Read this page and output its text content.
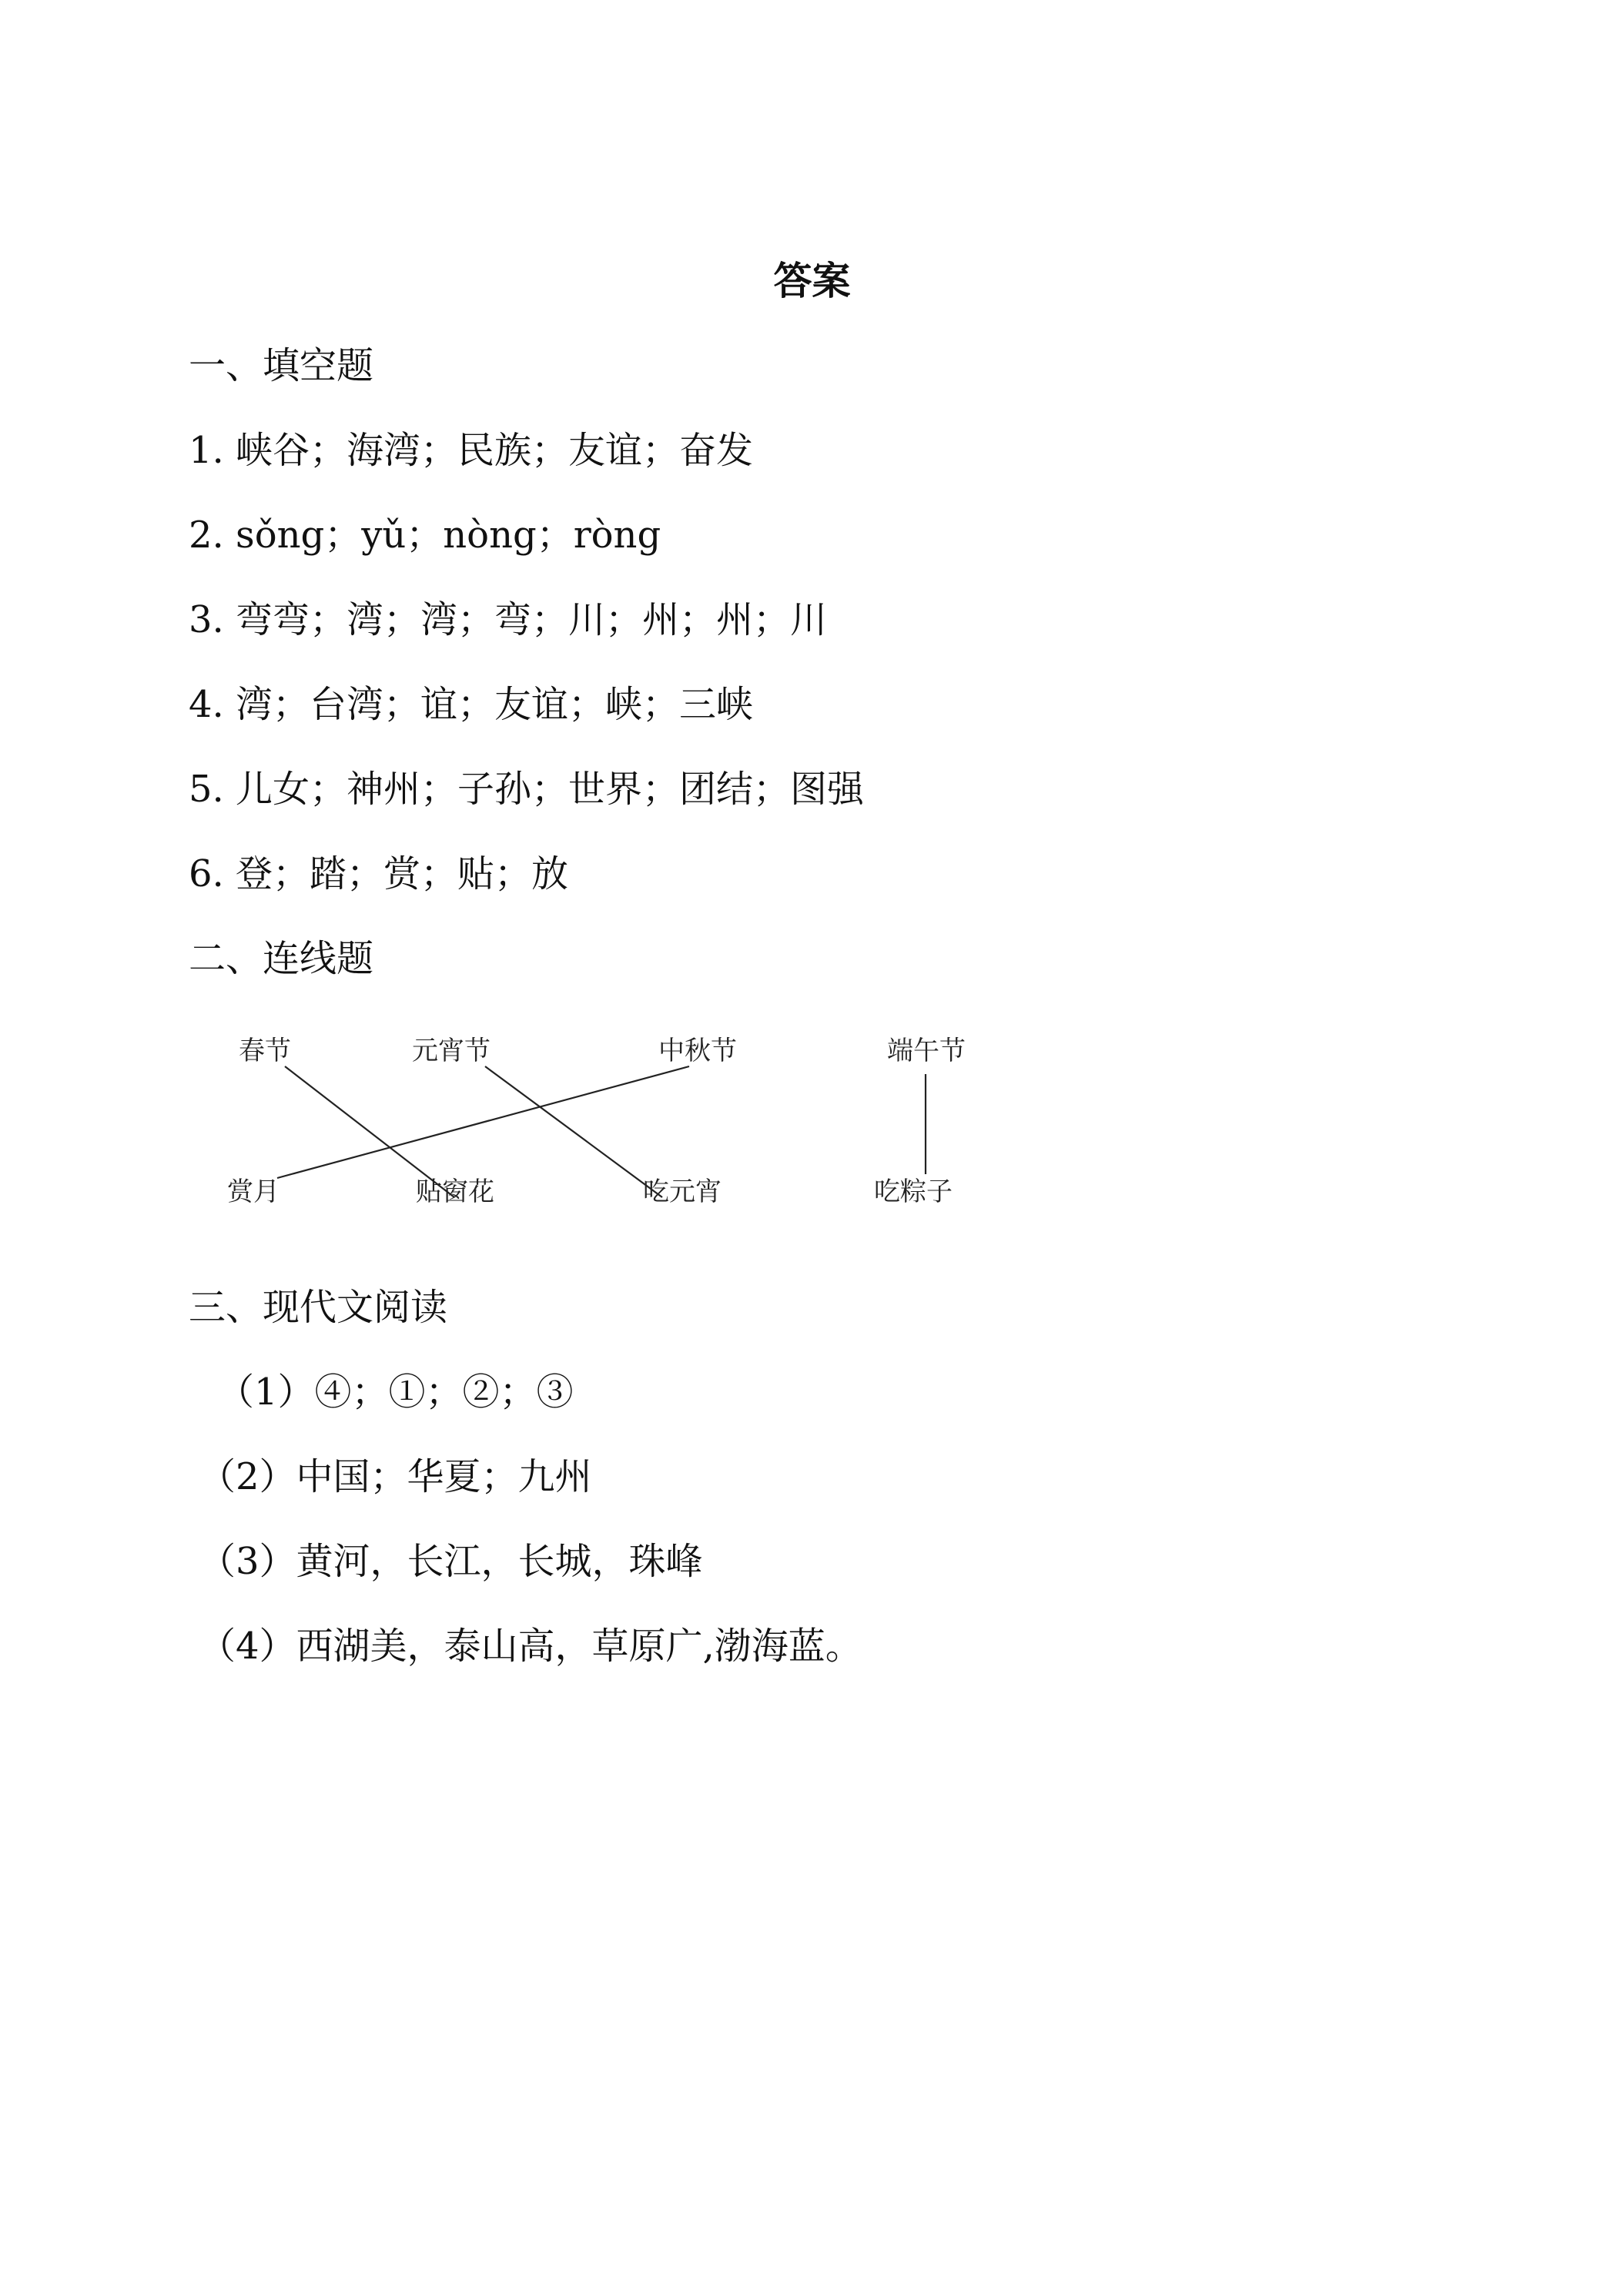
答案
一、填空题
1. 峡谷；海湾；民族；友谊；奋发
2. sǒng；yǔ；nòng；ròng
3. 弯弯；湾；湾；弯；川；州；州；川
4. 湾；台湾；谊；友谊；峡；三峡
5. 儿女；神州；子孙；世界；团结；图强
6. 登；踏；赏；贴；放
二、连线题
春节	元宵节	中秋节	端午节
赏月	贴窗花	吃元宵	吃粽子
三、现代文阅读
（1）④；①；②；③
（2）中国；华夏；九州
（3）黄河，长江，长城，珠峰
（4）西湖美，泰山高，草原广,渤海蓝。
